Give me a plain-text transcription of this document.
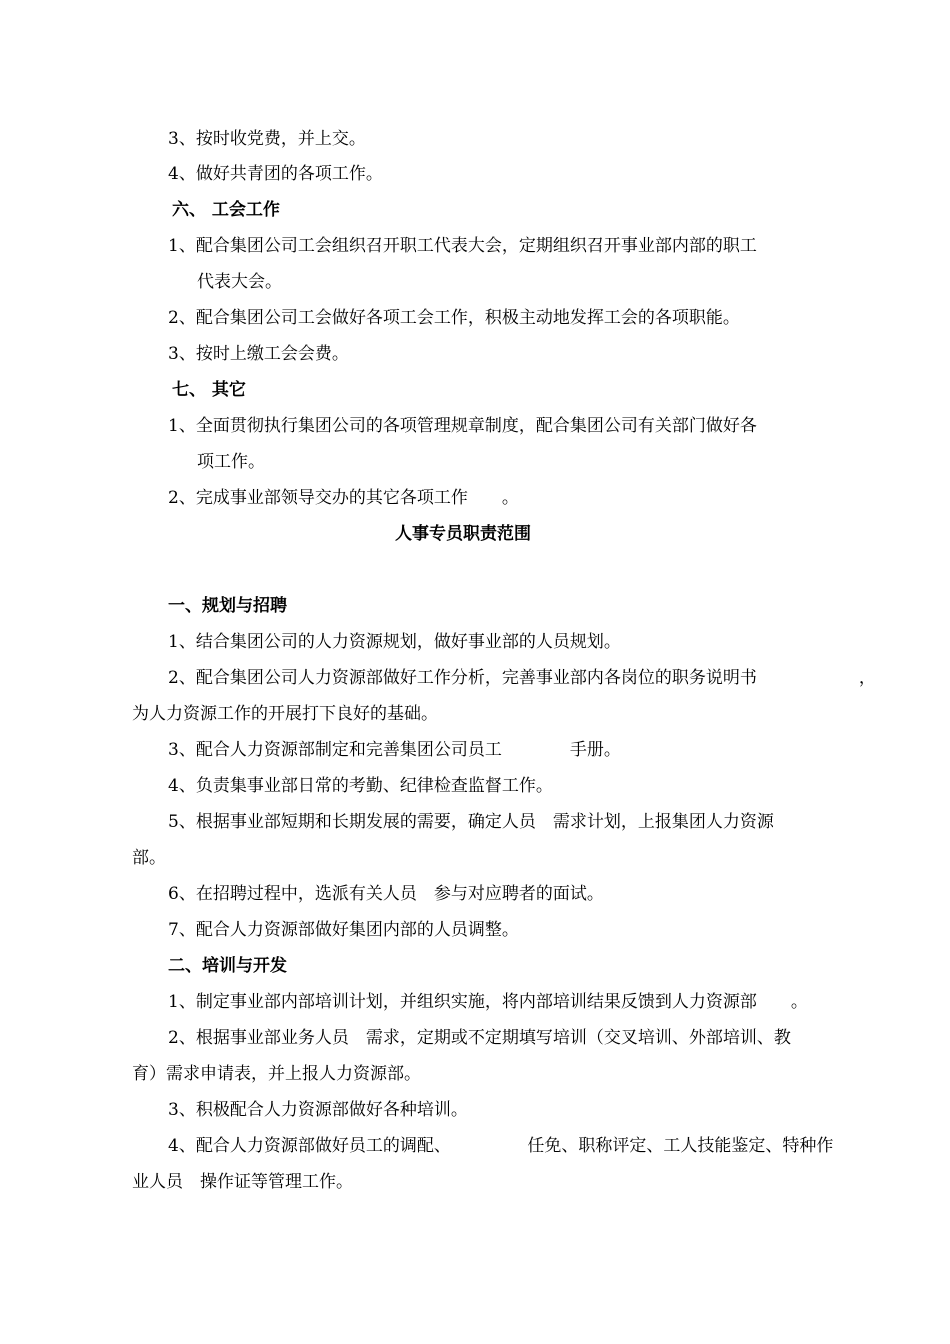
3、按时收党费，并上交。

4、做好共青团的各项工作。

六、 工会工作

1、配合集团公司工会组织召开职工代表大会，定期组织召开事业部内部的职工

代表大会。

2、配合集团公司工会做好各项工会工作，积极主动地发挥工会的各项职能。

3、按时上缴工会会费。

七、 其它

1、全面贯彻执行集团公司的各项管理规章制度，配合集团公司有关部门做好各

项工作。

2、完成事业部领导交办的其它各项工作　　。

人事专员职责范围

一、规划与招聘

1、结合集团公司的人力资源规划，做好事业部的人员规划。

2、配合集团公司人力资源部做好工作分析，完善事业部内各岗位的职务说明书　　　　　　，

为人力资源工作的开展打下良好的基础。

3、配合人力资源部制定和完善集团公司员工　　　　手册。

4、负责集事业部日常的考勤、纪律检查监督工作。

5、根据事业部短期和长期发展的需要，确定人员　需求计划，上报集团人力资源

部。

6、在招聘过程中，选派有关人员　参与对应聘者的面试。

7、配合人力资源部做好集团内部的人员调整。

二、培训与开发

1、制定事业部内部培训计划，并组织实施，将内部培训结果反馈到人力资源部　　。

2、根据事业部业务人员　需求，定期或不定期填写培训（交叉培训、外部培训、教

育）需求申请表，并上报人力资源部。

3、积极配合人力资源部做好各种培训。

4、配合人力资源部做好员工的调配、　　　　　任免、职称评定、工人技能鉴定、特种作

业人员　操作证等管理工作。
